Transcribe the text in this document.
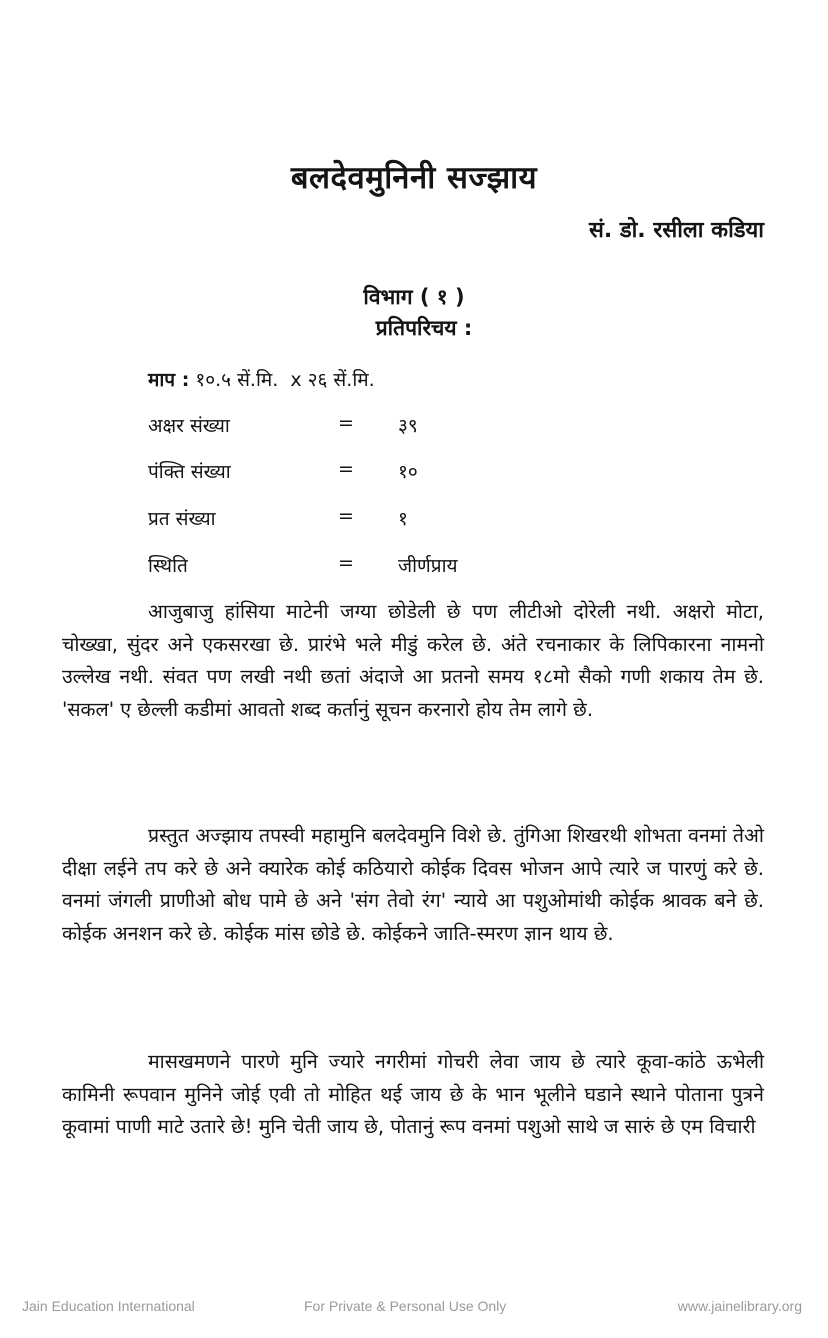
बलदेवमुनिनी सज्झाय
सं. डो. रसीला कडिया
विभाग ( १ )
प्रतिपरिचय :
माप : १०.५ सें.मि.  x २६ सें.मि.
अक्षर संख्या	= ३९
पंक्ति संख्या	= १०
प्रत संख्या	= १
स्थिति	= जीर्णप्राय

आजुबाजु हांसिया माटेनी जग्या छोडेली छे पण लीटीओ दोरेली नथी. अक्षरो मोटा, चोख्खा, सुंदर अने एकसरखा छे. प्रारंभे भले मीडुं करेल छे. अंते रचनाकार के लिपिकारना नामनो उल्लेख नथी. संवत पण लखी नथी छतां अंदाजे आ प्रतनो समय १८मो सैको गणी शकाय तेम छे. 'सकल' ए छेल्ली कडीमां आवतो शब्द कर्तानुं सूचन करनारो होय तेम लागे छे.

प्रस्तुत अज्झाय तपस्वी महामुनि बलदेवमुनि विशे छे. तुंगिआ शिखरथी शोभता वनमां तेओ दीक्षा लईने तप करे छे अने क्यारेक कोई कठियारो कोईक दिवस भोजन आपे त्यारे ज पारणुं करे छे. वनमां जंगली प्राणीओ बोध पामे छे अने 'संग तेवो रंग' न्याये आ पशुओमांथी कोईक श्रावक बने छे. कोईक अनशन करे छे. कोईक मांस छोडे छे. कोईकने जाति-स्मरण ज्ञान थाय छे.

मासखमणने पारणे मुनि ज्यारे नगरीमां गोचरी लेवा जाय छे त्यारे कूवा-कांठे ऊभेली कामिनी रूपवान मुनिने जोई एवी तो मोहित थई जाय छे के भान भूलीने घडाने स्थाने पोताना पुत्रने कूवामां पाणी माटे उतारे छे! मुनि चेती जाय छे, पोतानुं रूप वनमां पशुओ साथे ज सारुं छे एम विचारी

Jain Education International	For Private & Personal Use Only	www.jainelibrary.org
